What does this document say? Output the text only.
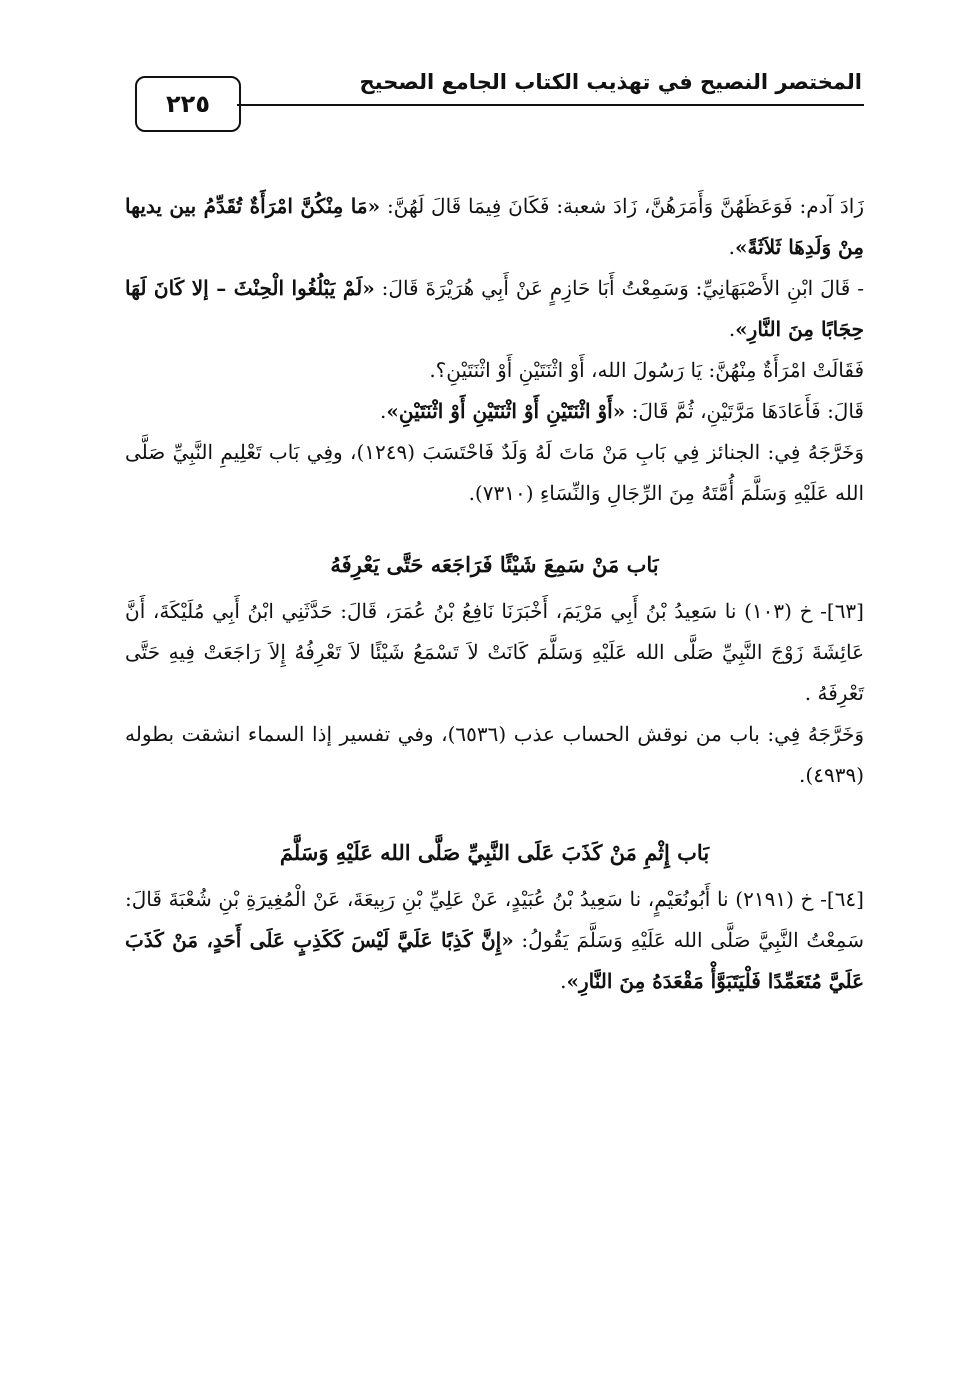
المختصر النصيح في تهذيب الكتاب الجامع الصحيح
٢٢٥

زَادَ آدم: فَوَعَظَهُنَّ وَأَمَرَهُنَّ، زَادَ شعبة: فَكَانَ فِيمَا قَالَ لَهُنَّ: «مَا مِنْكُنَّ امْرَأَةٌ تُقَدِّمُ بين يديها مِنْ وَلَدِهَا ثَلاَثَةً».

- قَالَ ابْنِ الأَصْبَهَانِيِّ: وَسَمِعْتُ أَبَا حَازِمٍ عَنْ أَبِي هُرَيْرَةَ قَالَ: «لَمْ يَبْلُغُوا الْحِنْثَ – إلا كَانَ لَهَا حِجَابًا مِنَ النَّارِ».

فَقَالَتْ امْرَأَةٌ مِنْهُنَّ: يَا رَسُولَ الله، أَوْ اثْنَتَيْنِ أَوْ اثْنَتَيْنِ؟.

قَالَ: فَأَعَادَهَا مَرَّتَيْنِ، ثُمَّ قَالَ: «أَوْ اثْنَتَيْنِ أَوْ اثْنَتَيْنِ أَوْ اثْنَتَيْنِ».

وَخَرَّجَهُ فِي: الجنائز فِي بَابِ مَنْ مَاتَ لَهُ وَلَدٌ فَاحْتَسَبَ (١٢٤٩)، وفِي بَاب تَعْلِيمِ النَّبِيِّ صَلَّى الله عَلَيْهِ وَسَلَّمَ أُمَّتَهُ مِنَ الرِّجَالِ وَالنِّسَاءِ (٧٣١٠).

بَاب مَنْ سَمِعَ شَيْئًا فَرَاجَعَه حَتَّى يَعْرِفَهُ

[٦٣]- خ (١٠٣) نا سَعِيدُ بْنُ أَبِي مَرْيَمَ، أَخْبَرَنَا نَافِعُ بْنُ عُمَرَ، قَالَ: حَدَّثَنِي ابْنُ أَبِي مُلَيْكَةَ، أَنَّ عَائِشَةَ زَوْجَ النَّبِيِّ صَلَّى الله عَلَيْهِ وَسَلَّمَ كَانَتْ لاَ تَسْمَعُ شَيْئًا لاَ تَعْرِفُهُ إِلاَ رَاجَعَتْ فِيهِ حَتَّى تَعْرِفَهُ .

وَخَرَّجَهُ فِي: باب من نوقش الحساب عذب (٦٥٣٦)، وفي تفسير إذا السماء انشقت بطوله (٤٩٣٩).

بَاب إِثْمِ مَنْ كَذَبَ عَلَى النَّبِيِّ صَلَّى الله عَلَيْهِ وَسَلَّمَ

[٦٤]- خ (٢١٩١) نا أَبُونُعَيْمٍ، نا سَعِيدُ بْنُ عُبَيْدٍ، عَنْ عَلِيِّ بْنِ رَبِيعَةَ، عَنْ الْمُغِيرَةِ بْنِ شُعْبَةَ قَالَ: سَمِعْتُ النَّبِيَّ صَلَّى الله عَلَيْهِ وَسَلَّمَ يَقُولُ: «إِنَّ كَذِبًا عَلَيَّ لَيْسَ كَكَذِبٍ عَلَى أَحَدٍ، مَنْ كَذَبَ عَلَيَّ مُتَعَمِّدًا فَلْيَتَبَوَّأْ مَقْعَدَهُ مِنَ النَّارِ».
